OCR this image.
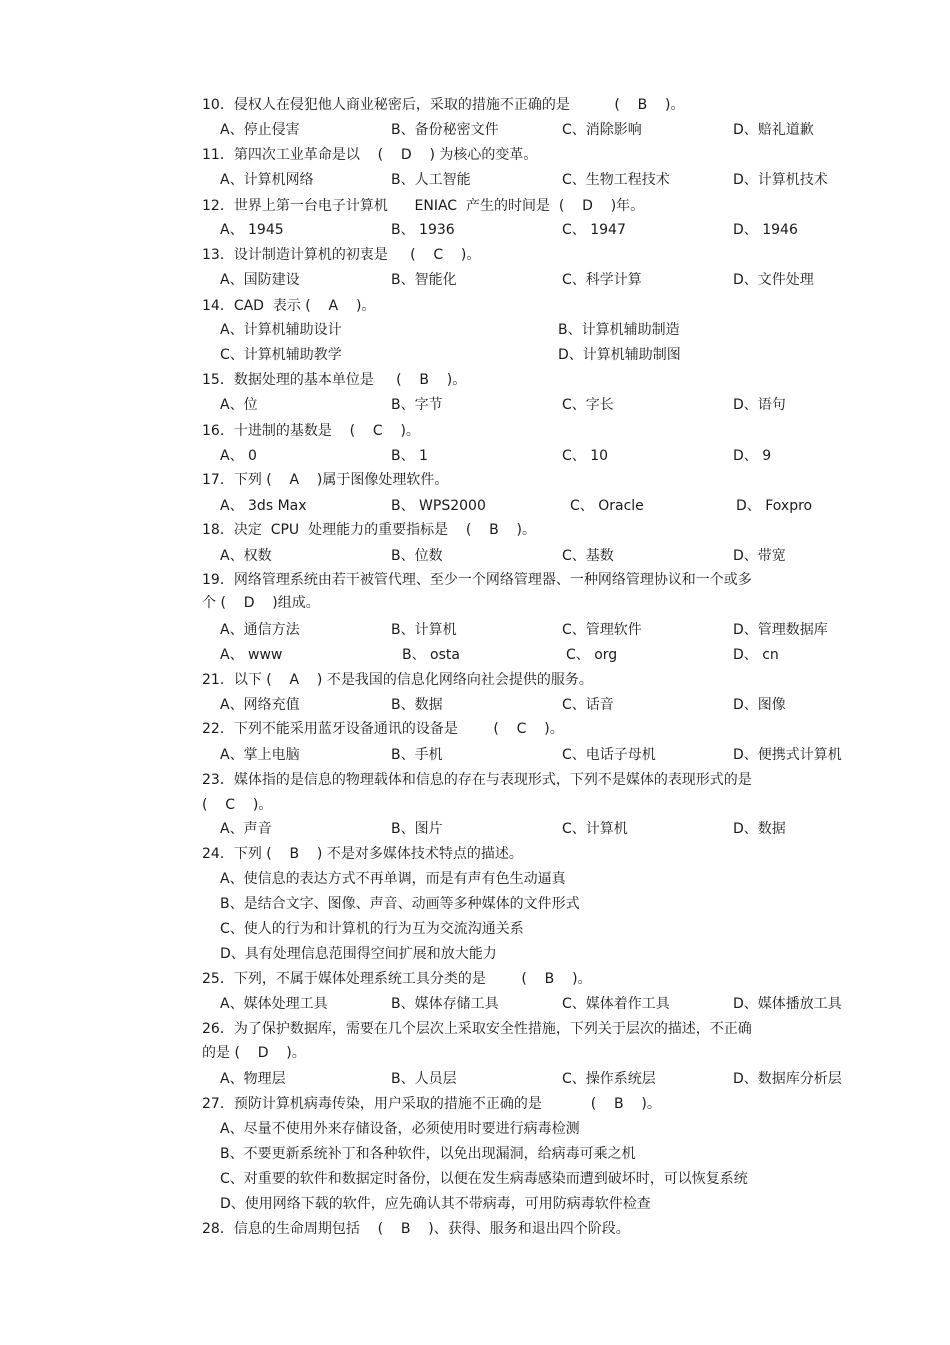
10．侵权人在侵犯他人商业秘密后，采取的措施不正确的是          (    B    )。
A、停止侵害	B、备份秘密文件	C、消除影响	D、赔礼道歉
11．第四次工业革命是以    (    D    ) 为核心的变革。
A、计算机网络	B、人工智能	C、生物工程技术	D、计算机技术
12．世界上第一台电子计算机      ENIAC  产生的时间是  (    D    )年。
A、 1945	B、 1936	C、 1947	D、 1946
13．设计制造计算机的初衷是     (    C    )。
A、国防建设	B、智能化	C、科学计算	D、文件处理
14．CAD  表示 (    A    )。
A、计算机辅助设计	B、计算机辅助制造
C、计算机辅助教学	D、计算机辅助制图
15．数据处理的基本单位是     (    B    )。
A、位	B、字节	C、字长	D、语句
16．十进制的基数是    (    C    )。
A、 0	B、 1	C、 10	D、 9
17．下列 (    A    )属于图像处理软件。
A、 3ds Max	B、 WPS2000	C、 Oracle	D、 Foxpro
18．决定  CPU  处理能力的重要指标是    (    B    )。
A、权数	B、位数	C、基数	D、带宽
19．网络管理系统由若干被管代理、至少一个网络管理器、一种网络管理协议和一个或多
个 (    D    )组成。
A、通信方法	B、计算机	C、管理软件	D、管理数据库
A、 www	B、 osta	C、 org	D、 cn
21．以下 (    A    ) 不是我国的信息化网络向社会提供的服务。
A、网络充值	B、数据	C、话音	D、图像
22．下列不能采用蓝牙设备通讯的设备是        (    C    )。
A、掌上电脑	B、手机	C、电话子母机	D、便携式计算机
23．媒体指的是信息的物理载体和信息的存在与表现形式，下列不是媒体的表现形式的是
(    C    )。
A、声音	B、图片	C、计算机	D、数据
24．下列 (    B    ) 不是对多媒体技术特点的描述。
A、使信息的表达方式不再单调，而是有声有色生动逼真
B、是结合文字、图像、声音、动画等多种媒体的文件形式
C、使人的行为和计算机的行为互为交流沟通关系
D、具有处理信息范围得空间扩展和放大能力
25．下列，不属于媒体处理系统工具分类的是        (    B    )。
A、媒体处理工具	B、媒体存储工具	C、媒体着作工具	D、媒体播放工具
26．为了保护数据库，需要在几个层次上采取安全性措施，下列关于层次的描述，不正确
的是 (    D    )。
A、物理层	B、人员层	C、操作系统层	D、数据库分析层
27．预防计算机病毒传染，用户采取的措施不正确的是           (    B    )。
A、尽量不使用外来存储设备，必须使用时要进行病毒检测
B、不要更新系统补丁和各种软件，以免出现漏洞，给病毒可乘之机
C、对重要的软件和数据定时备份，以便在发生病毒感染而遭到破坏时，可以恢复系统
D、使用网络下载的软件，应先确认其不带病毒，可用防病毒软件检查
28．信息的生命周期包括    (    B    )、获得、服务和退出四个阶段。
